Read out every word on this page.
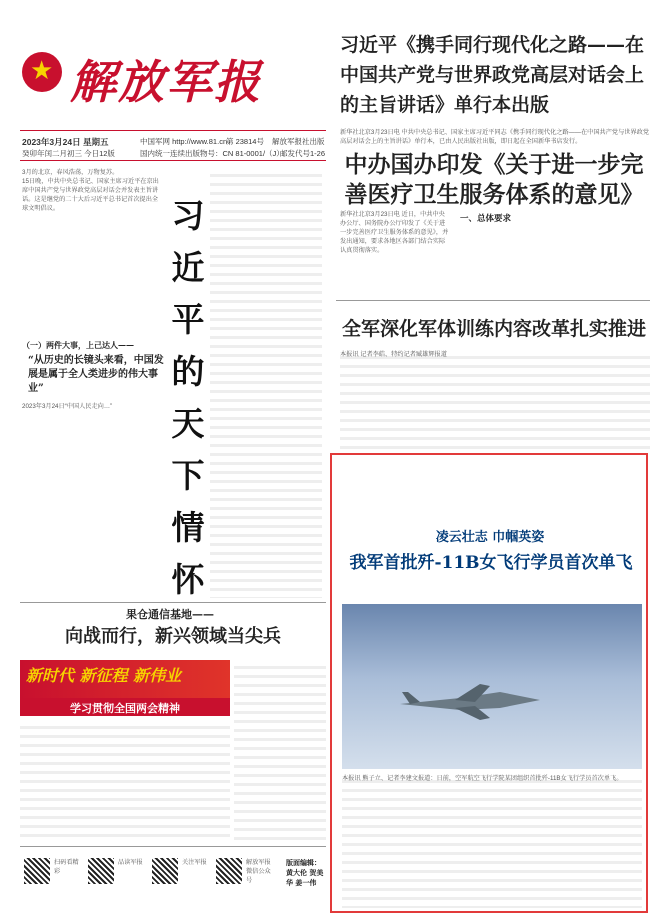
★
解放军报
2023年3月24日 星期五
癸卯年闰二月初三 今日12版
中国军网 http://www.81.cn
第 23814号 解放军报社出版
国内统一连续出版物号：CN 81-0001/（J）
邮发代号1-26
习近平《携手同行现代化之路——在中国共产党与世界政党高层对话会上的主旨讲话》单行本出版
新华社北京3月23日电 中共中央总书记、国家主席习近平同志《携手同行现代化之路——在中国共产党与世界政党高层对话会上的主旨讲话》单行本，已由人民出版社出版，即日起在全国新华书店发行。
3月的北京，春风浩荡，万物复苏。
15日晚，中共中央总书记、国家主席习近平在京出席中国共产党与世界政党高层对话会并发表主旨讲话。这是继党的二十大后习近平总书记首次提出全球文明倡议。
（一）两件大事，上己达人——
“从历史的长镜头来看，中国发展是属于全人类进步的伟大事业”
2023年3月24日“中国人民走向…”
习近平的天下情怀
中办国办印发《关于进一步完善医疗卫生服务体系的意见》
新华社北京3月23日电 近日，中共中央办公厅、国务院办公厅印发了《关于进一步完善医疗卫生服务体系的意见》，并发出通知，要求各地区各部门结合实际认真贯彻落实。
一、总体要求
全军深化军体训练内容改革扎实推进
本报讯 记者李皓、特约记者臧雄辉报道
凌云壮志 巾帼英姿
我军首批歼-11B女飞行学员首次单飞
本报讯 熊子立、记者李建文报道：日前，空军航空飞行学院某团组织首批歼-11B女飞行学员首次单飞。
果仓通信基地——
向战而行，新兴领域当尖兵
新时代 新征程 新伟业
学习贯彻全国两会精神
扫码看精彩
品读军报	关注军报	解放军报微信公众号
版面编辑：黄大伦 贺美华 姜一伟
